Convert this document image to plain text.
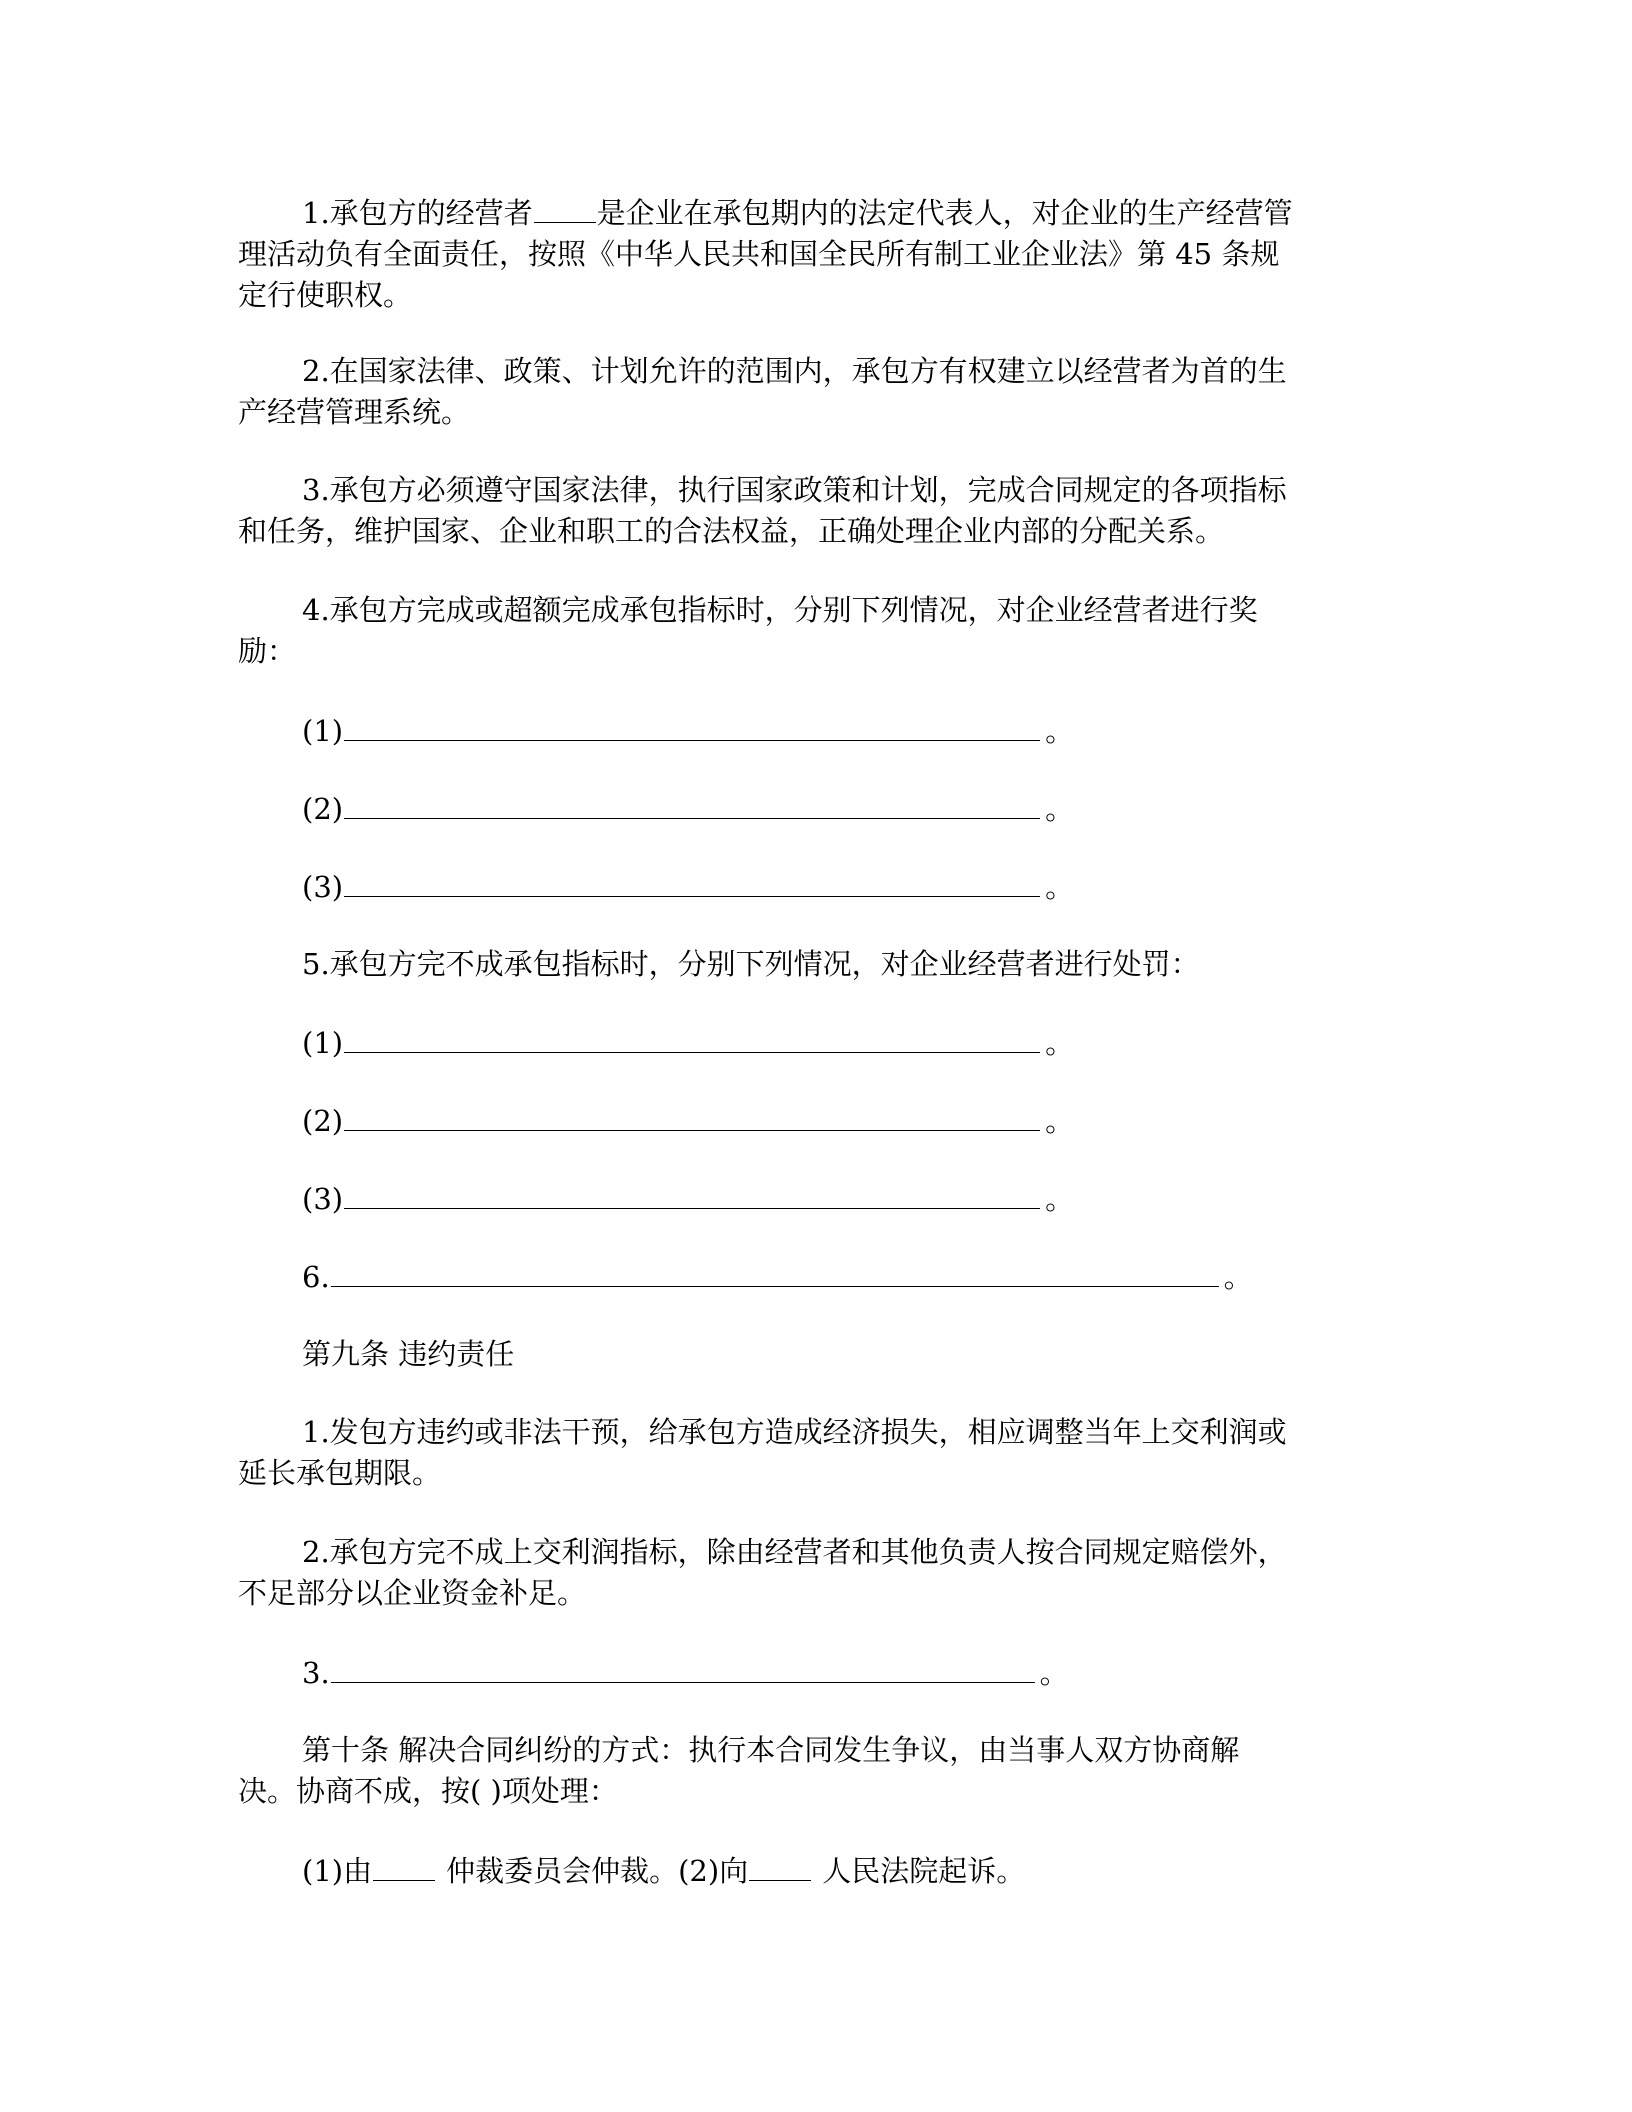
1.承包方的经营者 是企业在承包期内的法定代表人，对企业的生产经营管
理活动负有全面责任，按照《中华人民共和国全民所有制工业企业法》第 45 条规
定行使职权。
2.在国家法律、政策、计划允许的范围内，承包方有权建立以经营者为首的生
产经营管理系统。
3.承包方必须遵守国家法律，执行国家政策和计划，完成合同规定的各项指标
和任务，维护国家、企业和职工的合法权益，正确处理企业内部的分配关系。
4.承包方完成或超额完成承包指标时，分别下列情况，对企业经营者进行奖
励：
(1)	。
(2)	。
(3)	。
5.承包方完不成承包指标时，分别下列情况，对企业经营者进行处罚：
(1)	。
(2)	。
(3)	。
6.	。
第九条 违约责任
1.发包方违约或非法干预，给承包方造成经济损失，相应调整当年上交利润或
延长承包期限。
2.承包方完不成上交利润指标，除由经营者和其他负责人按合同规定赔偿外，
不足部分以企业资金补足。
3.	。
第十条 解决合同纠纷的方式：执行本合同发生争议，由当事人双方协商解
决。协商不成，按( )项处理：
(1)由	仲裁委员会仲裁。(2)向	人民法院起诉。
